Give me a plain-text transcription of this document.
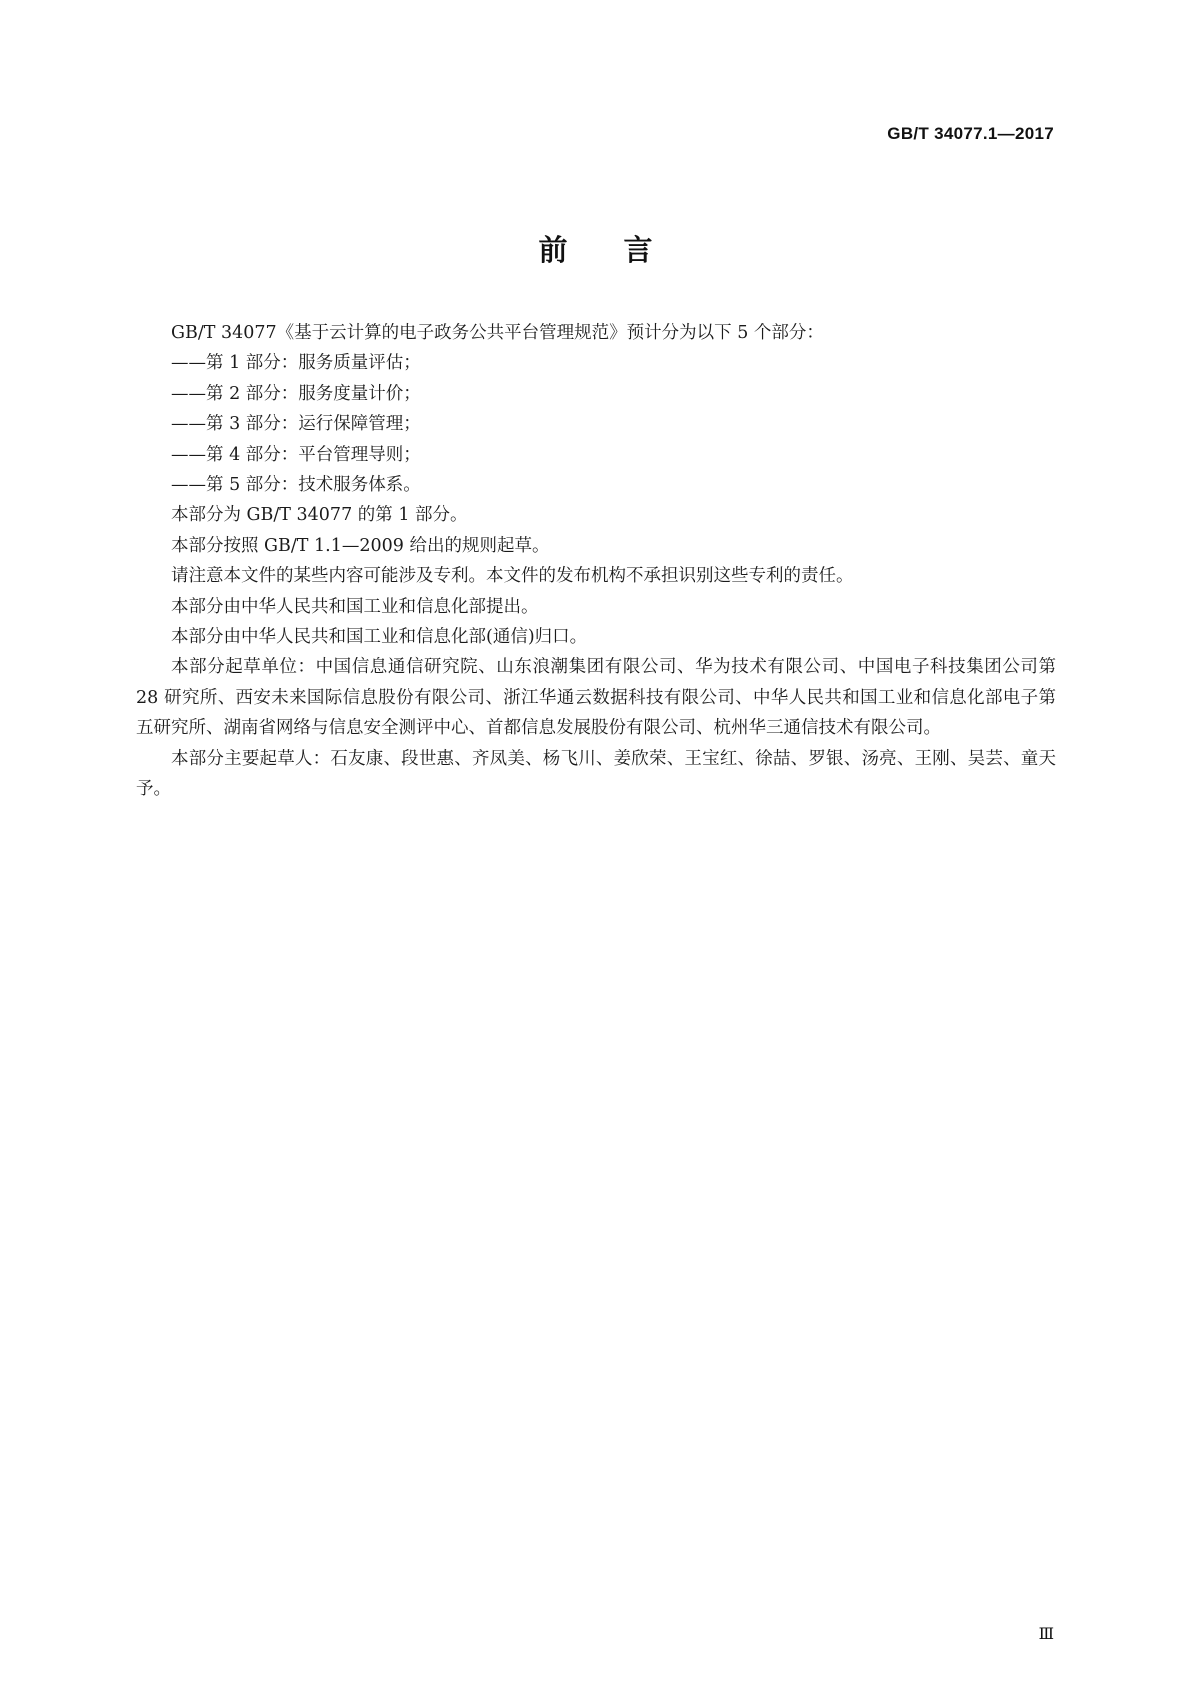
GB/T 34077.1—2017
前 言

GB/T 34077《基于云计算的电子政务公共平台管理规范》预计分为以下 5 个部分：

——第 1 部分：服务质量评估；

——第 2 部分：服务度量计价；

——第 3 部分：运行保障管理；

——第 4 部分：平台管理导则；

——第 5 部分：技术服务体系。

本部分为 GB/T 34077 的第 1 部分。

本部分按照 GB/T 1.1—2009 给出的规则起草。

请注意本文件的某些内容可能涉及专利。本文件的发布机构不承担识别这些专利的责任。

本部分由中华人民共和国工业和信息化部提出。

本部分由中华人民共和国工业和信息化部(通信)归口。

本部分起草单位：中国信息通信研究院、山东浪潮集团有限公司、华为技术有限公司、中国电子科技集团公司第 28 研究所、西安未来国际信息股份有限公司、浙江华通云数据科技有限公司、中华人民共和国工业和信息化部电子第五研究所、湖南省网络与信息安全测评中心、首都信息发展股份有限公司、杭州华三通信技术有限公司。

本部分主要起草人：石友康、段世惠、齐凤美、杨飞川、姜欣荣、王宝红、徐喆、罗银、汤亮、王刚、吴芸、童天予。

Ⅲ
